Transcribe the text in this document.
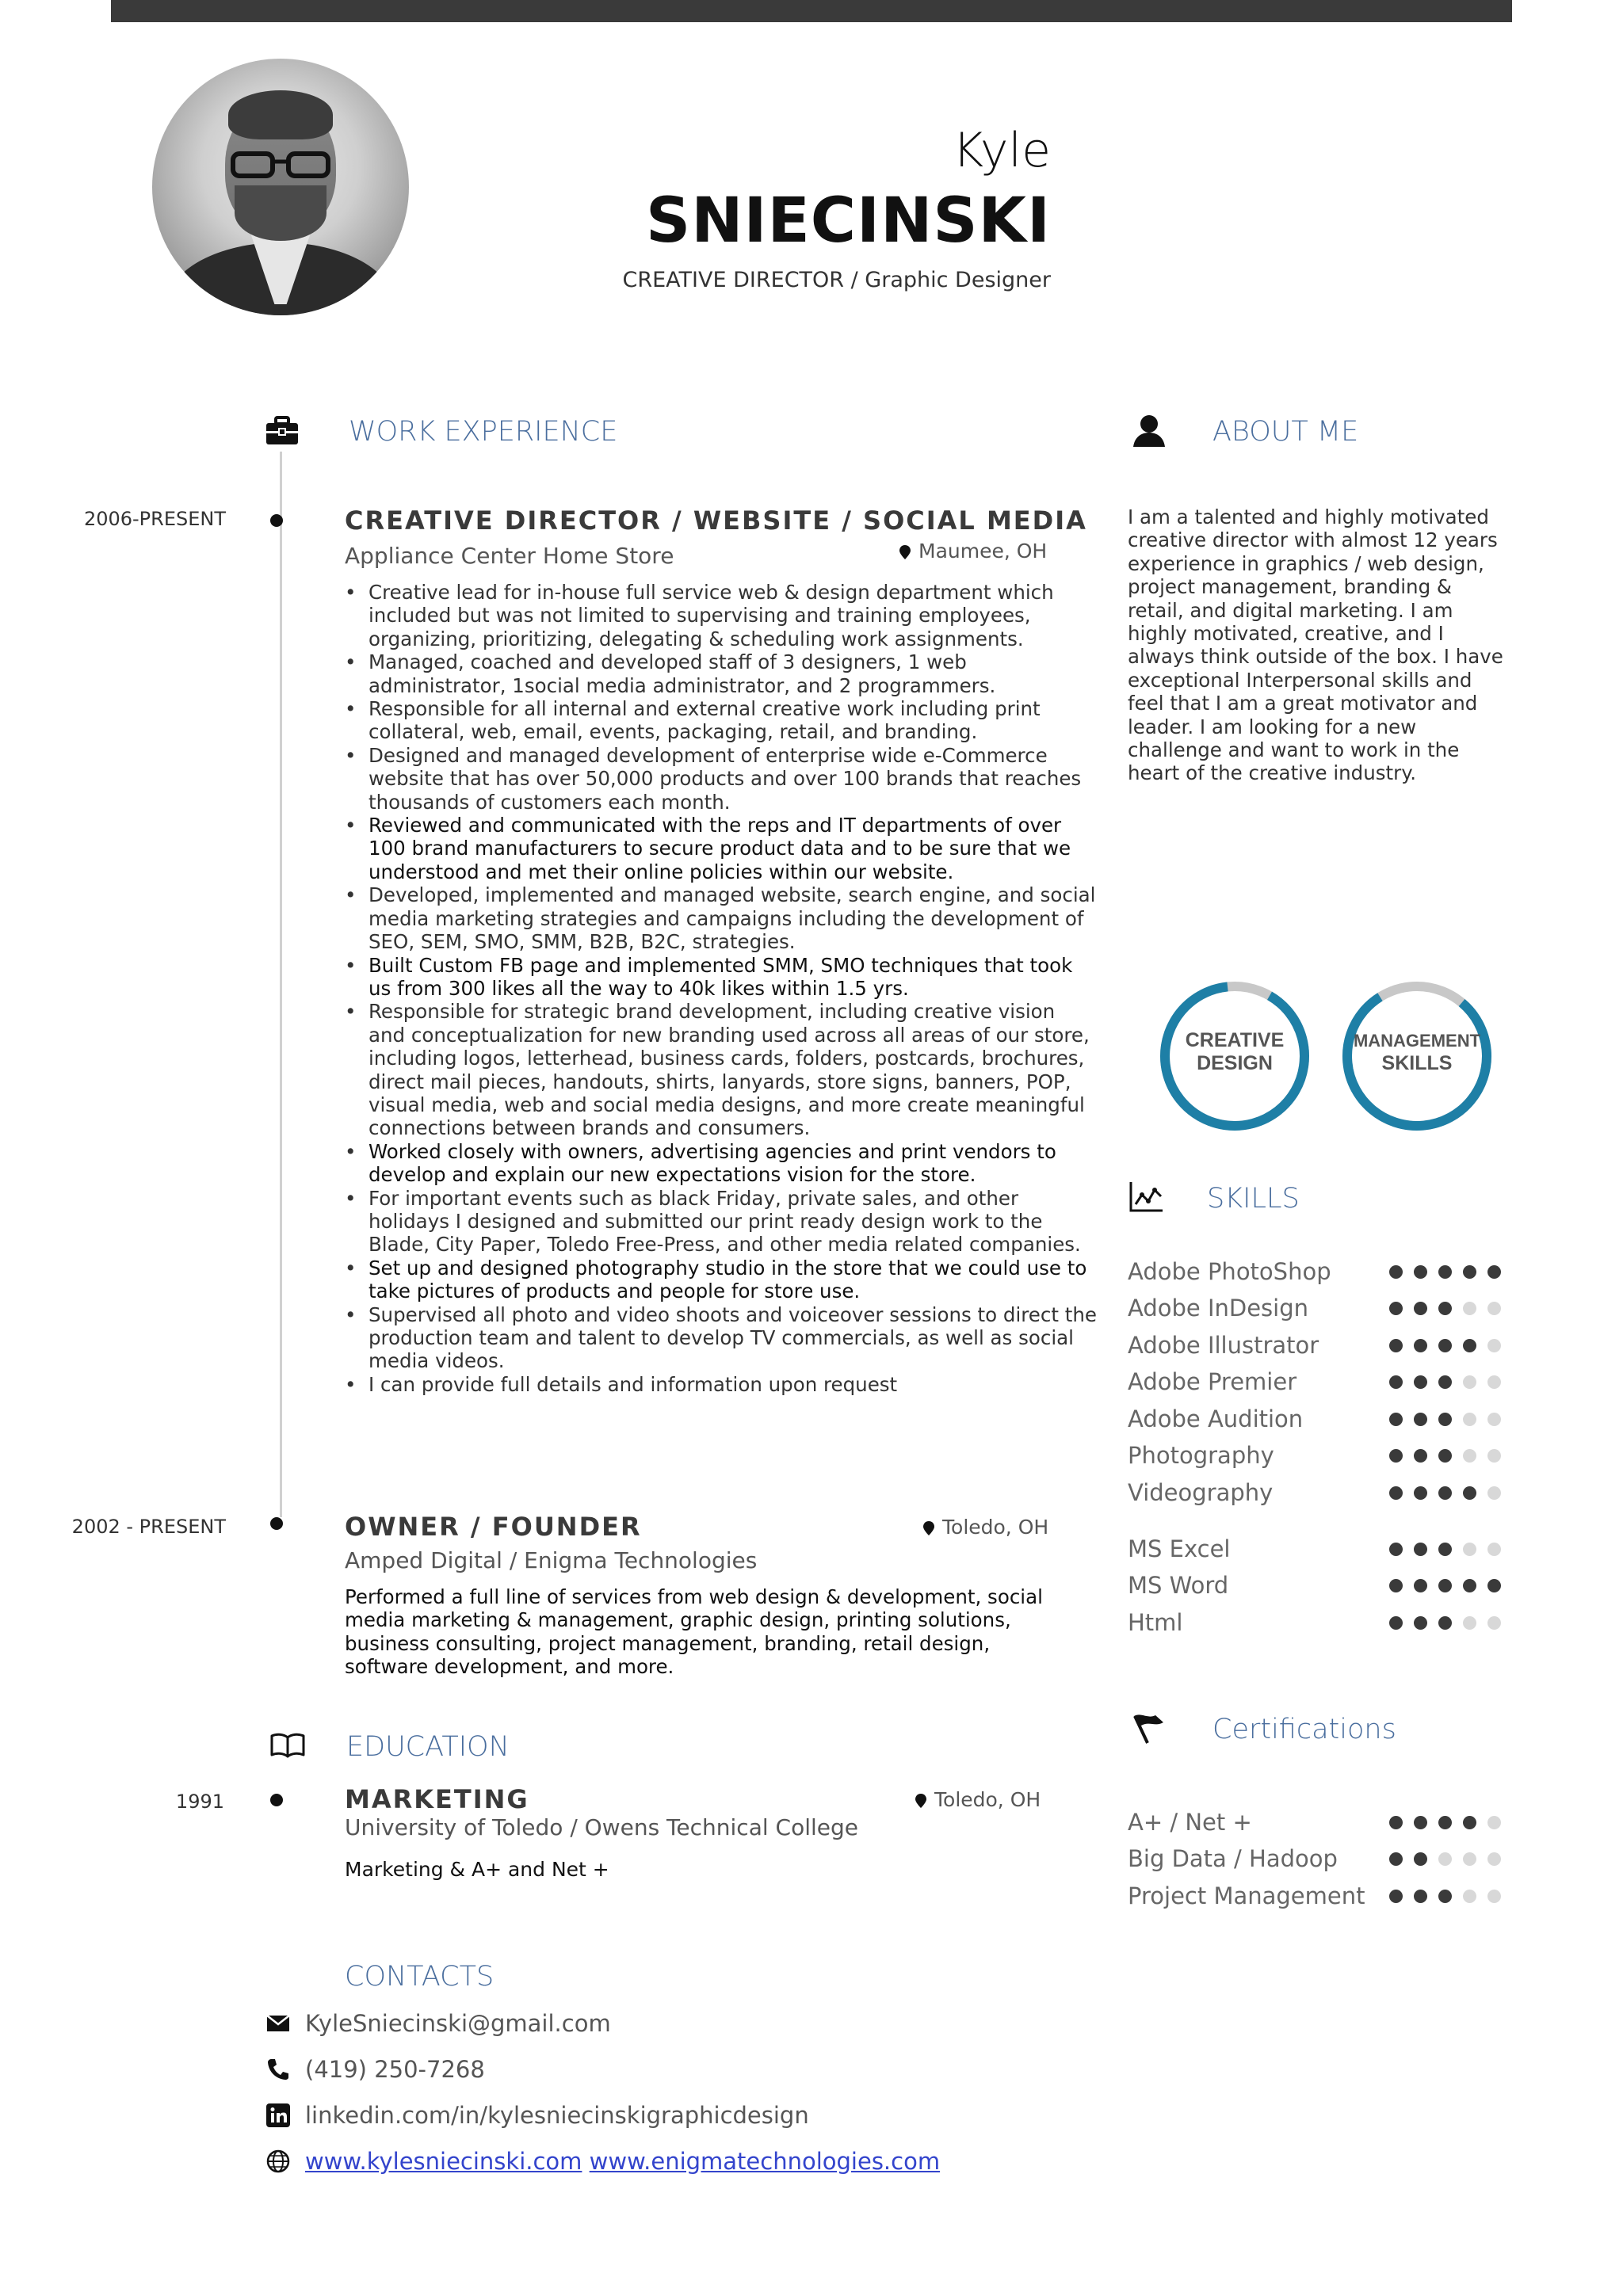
Kyle
SNIECINSKI
CREATIVE DIRECTOR / Graphic Designer
WORK EXPERIENCE	ABOUT ME
2006-PRESENT	CREATIVE DIRECTOR / WEBSITE / SOCIAL MEDIA
Appliance Center Home Store	Maumee, OH
• Creative lead for in-house full service web & design department which included but was not limited to supervising and training employees, organizing, prioritizing, delegating & scheduling work assignments.
• Managed, coached and developed staff of 3 designers, 1 web administrator, 1social media administrator, and 2 programmers.
• Responsible for all internal and external creative work including print collateral, web, email, events, packaging, retail, and branding.
• Designed and managed development of enterprise wide e-Commerce website that has over 50,000 products and over 100 brands that reaches thousands of customers each month.
• Reviewed and communicated with the reps and IT departments of over 100 brand manufacturers to secure product data and to be sure that we understood and met their online policies within our website.
• Developed, implemented and managed website, search engine, and social media marketing strategies and campaigns including the development of SEO, SEM, SMO, SMM, B2B, B2C, strategies.
• Built Custom FB page and implemented SMM, SMO techniques that took us from 300 likes all the way to 40k likes within 1.5 yrs.
• Responsible for strategic brand development, including creative vision and conceptualization for new branding used across all areas of our store, including logos, letterhead, business cards, folders, postcards, brochures, direct mail pieces, handouts, shirts, lanyards, store signs, banners, POP, visual media, web and social media designs, and more create meaningful connections between brands and consumers.
• Worked closely with owners, advertising agencies and print vendors to develop and explain our new expectations vision for the store.
• For important events such as black Friday, private sales, and other holidays I designed and submitted our print ready design work to the Blade, City Paper, Toledo Free-Press, and other media related companies.
• Set up and designed photography studio in the store that we could use to take pictures of products and people for store use.
• Supervised all photo and video shoots and voiceover sessions to direct the production team and talent to develop TV commercials, as well as social media videos.
• I can provide full details and information upon request
2002 - PRESENT	OWNER / FOUNDER
Amped Digital / Enigma Technologies
Toledo, OH
Performed a full line of services from web design & development, social media marketing & management, graphic design, printing solutions, business consulting, project management, branding, retail design, software development, and more.
EDUCATION
1991	MARKETING
University of Toledo / Owens Technical College
Toledo, OH
Marketing & A+ and Net +
CONTACTS
KyleSniecinski@gmail.com
(419) 250-7268
linkedin.com/in/kylesniecinskigraphicdesign
www.kylesniecinski.com www.enigmatechnologies.com
I am a talented and highly motivated creative director with almost 12 years experience in graphics / web design, project management, branding & retail, and digital marketing. I am highly motivated, creative, and I always think outside of the box. I have exceptional Interpersonal skills and feel that I am a great motivator and leader. I am looking for a new challenge and want to work in the heart of the creative industry.
CREATIVE
DESIGN
MANAGEMENT
SKILLS
SKILLS
Adobe PhotoShop
Adobe InDesign
Adobe Illustrator
Adobe Premier
Adobe Audition
Photography
Videography
MS Excel
MS Word
Html
Certifications
A+ / Net +
Big Data / Hadoop
Project Management
